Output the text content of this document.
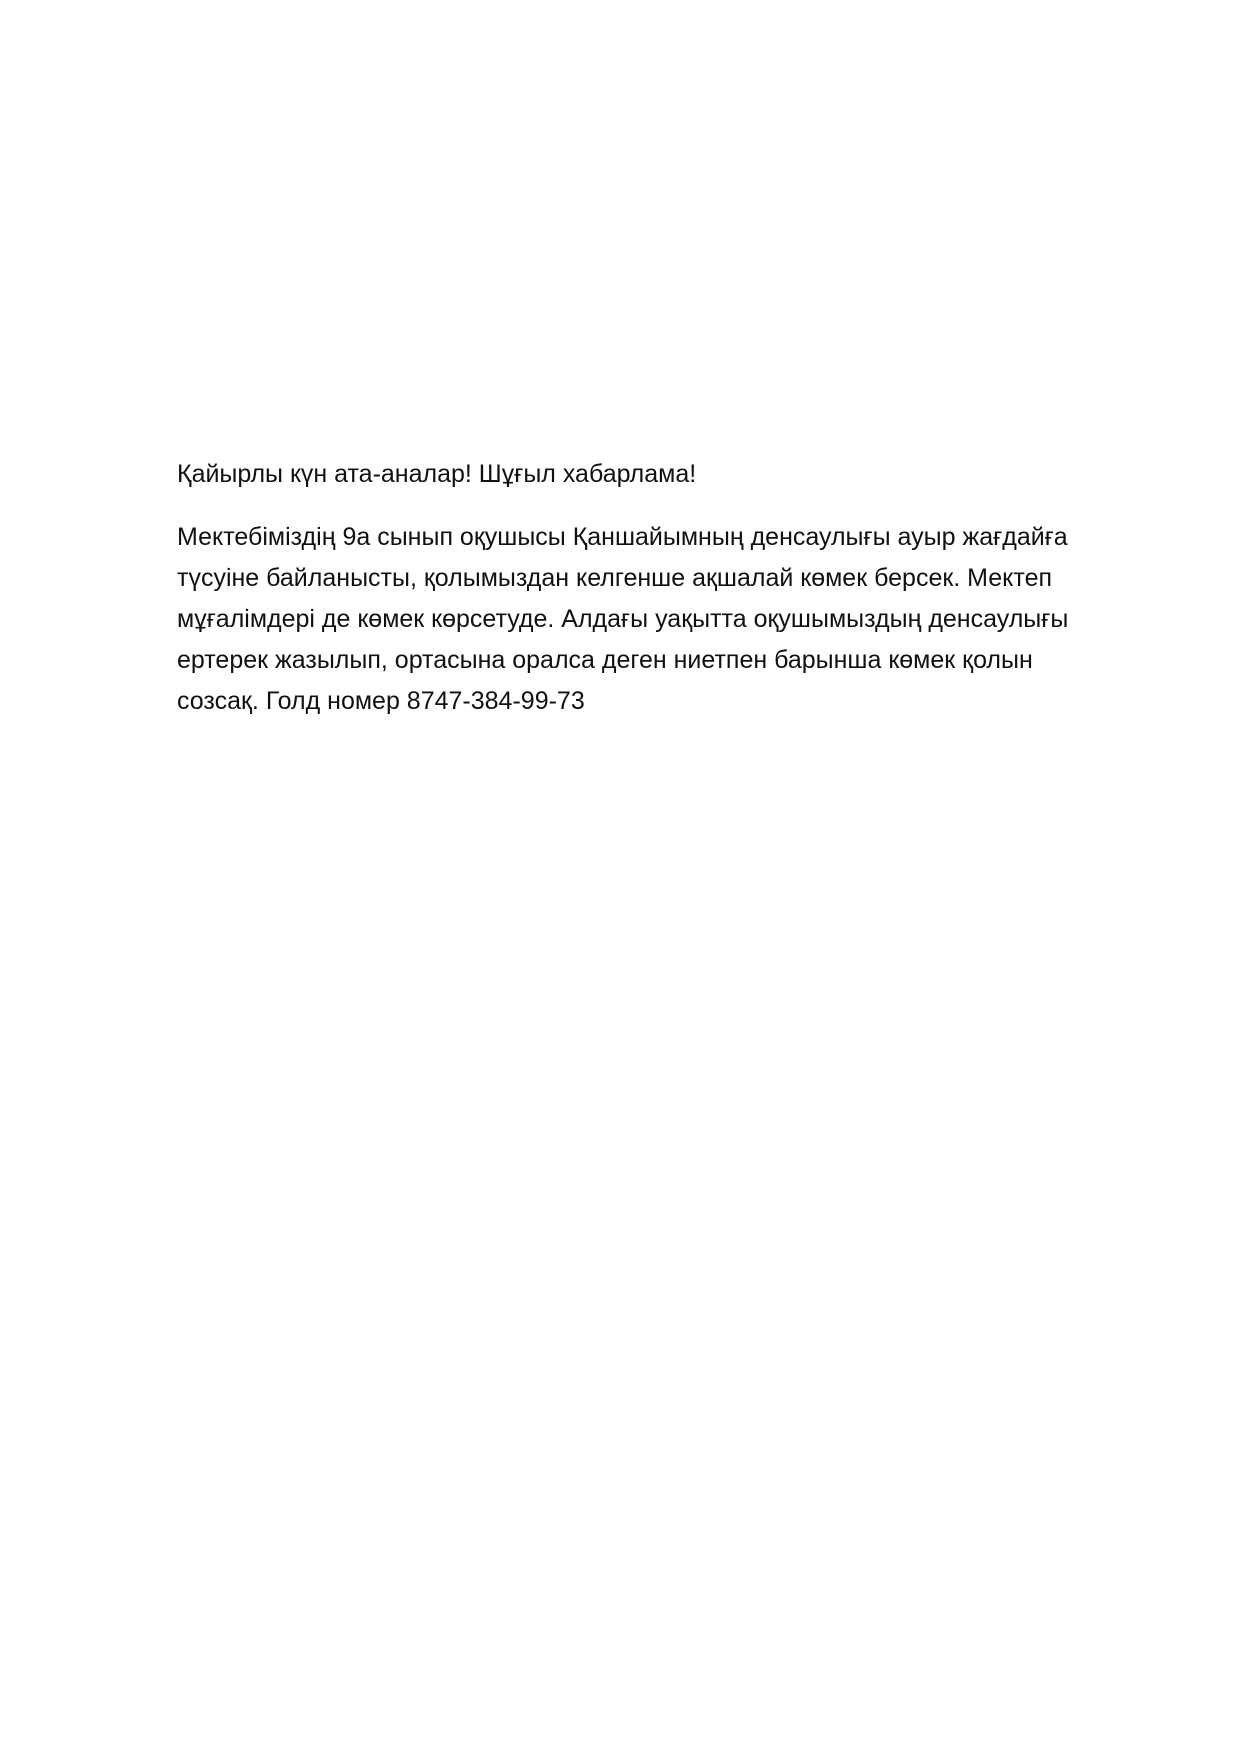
Қайырлы күн ата-аналар! Шұғыл хабарлама!

Мектебіміздің 9а сынып оқушысы Қаншайымның денсаулығы ауыр жағдайға
түсуіне байланысты, қолымыздан келгенше ақшалай көмек берсек. Мектеп
мұғалімдері де көмек көрсетуде. Алдағы уақытта оқушымыздың денсаулығы
ертерек жазылып, ортасына оралса деген ниетпен барынша көмек қолын
созсақ. Голд номер 8747-384-99-73
